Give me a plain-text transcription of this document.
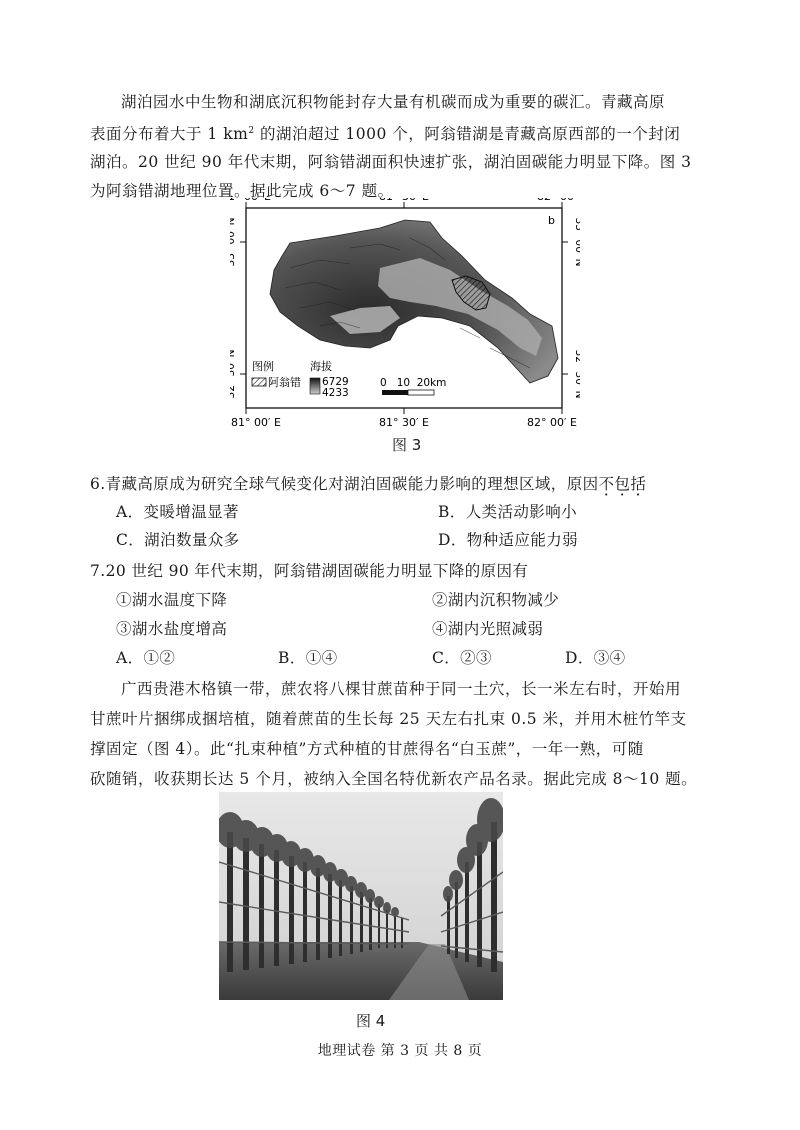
湖泊园水中生物和湖底沉积物能封存大量有机碳而成为重要的碳汇。青藏高原

表面分布着大于 1 $km^2$ 的湖泊超过 1000 个，阿翁错湖是青藏高原西部的一个封闭

湖泊。20 世纪 90 年代末期，阿翁错湖面积快速扩张，湖泊固碳能力明显下降。图 3

为阿翁错湖地理位置。据此完成 6～7 题。

b
81° 00′ E	81° 30′ E	82° 00′ E
33° 00′
32° 30′
33° 00′
32° 30′
图例
阿翁错
海拔
6729
4233
0   10  20km
图 3
6.青藏高原成为研究全球气候变化对湖泊固碳能力影响的理想区域，原因不包括
A．变暖增温显著	B．人类活动影响小
C．湖泊数量众多	D．物种适应能力弱
7.20 世纪 90 年代末期，阿翁错湖固碳能力明显下降的原因有
①湖水温度下降	②湖内沉积物减少
③湖水盐度增高	④湖内光照减弱
A．①②	B．①④	C．②③	D．③④

广西贵港木格镇一带，蔗农将八棵甘蔗苗种于同一土穴，长一米左右时，开始用

甘蔗叶片捆绑成捆培植，随着蔗苗的生长每 25 天左右扎束 0.5 米，并用木桩竹竿支

撑固定（图 4）。此“扎束种植”方式种植的甘蔗得名“白玉蔗”，一年一熟，可随

砍随销，收获期长达 5 个月，被纳入全国名特优新农产品名录。据此完成 8～10 题。

图 4
地理试卷 第 3 页 共 8 页
